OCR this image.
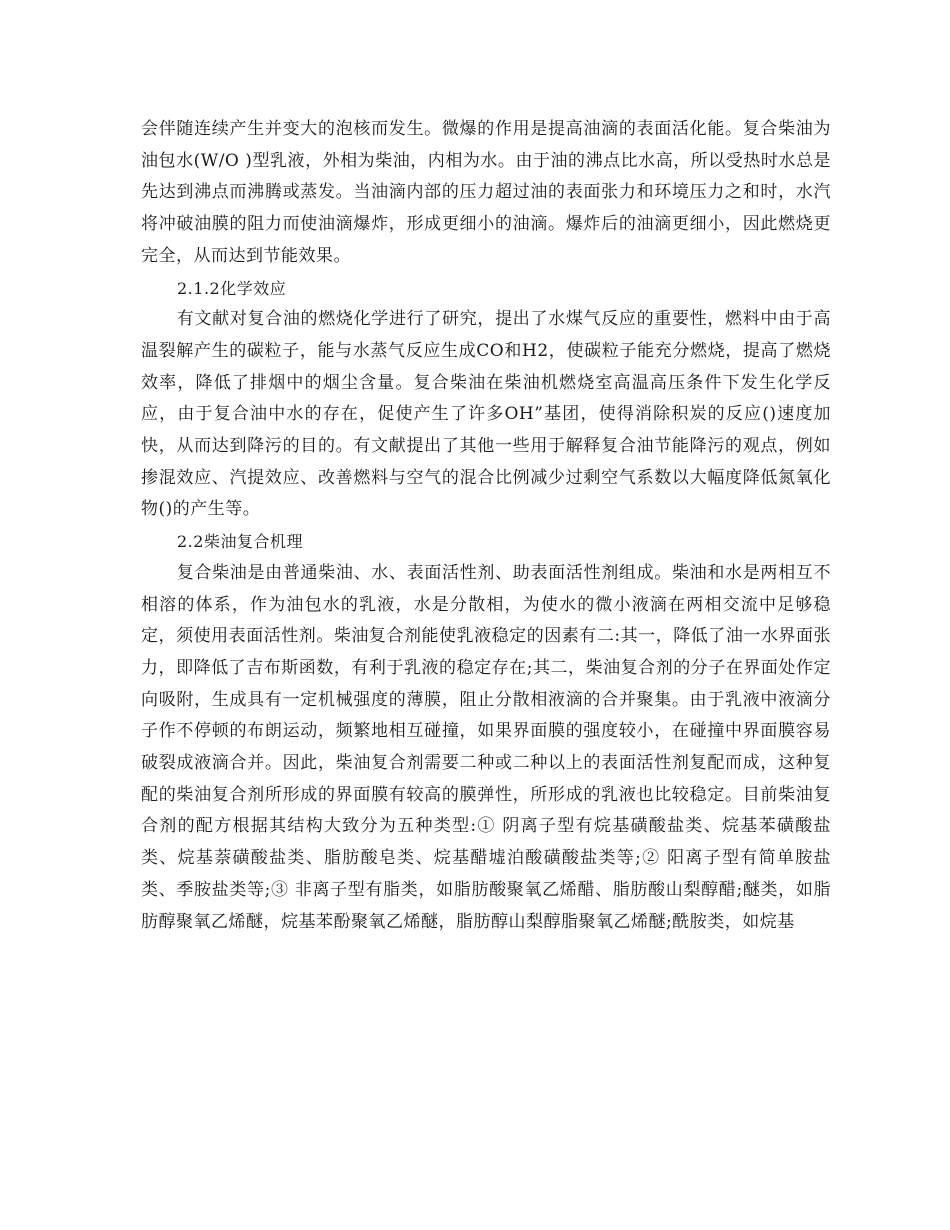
会伴随连续产生并变大的泡核而发生。微爆的作用是提高油滴的表面活化能。复合柴油为油包水(W/O )型乳液，外相为柴油，内相为水。由于油的沸点比水高，所以受热时水总是先达到沸点而沸腾或蒸发。当油滴内部的压力超过油的表面张力和环境压力之和时，水汽将冲破油膜的阻力而使油滴爆炸，形成更细小的油滴。爆炸后的油滴更细小，因此燃烧更完全，从而达到节能效果。

2.1.2化学效应

有文献对复合油的燃烧化学进行了研究，提出了水煤气反应的重要性，燃料中由于高温裂解产生的碳粒子，能与水蒸气反应生成CO和H2，使碳粒子能充分燃烧，提高了燃烧效率，降低了排烟中的烟尘含量。复合柴油在柴油机燃烧室高温高压条件下发生化学反应，由于复合油中水的存在，促使产生了许多OH”基团，使得消除积炭的反应()速度加快，从而达到降污的目的。有文献提出了其他一些用于解释复合油节能降污的观点，例如掺混效应、汽提效应、改善燃料与空气的混合比例减少过剩空气系数以大幅度降低氮氧化物()的产生等。

2.2柴油复合机理

复合柴油是由普通柴油、水、表面活性剂、助表面活性剂组成。柴油和水是两相互不相溶的体系，作为油包水的乳液，水是分散相，为使水的微小液滴在两相交流中足够稳定，须使用表面活性剂。柴油复合剂能使乳液稳定的因素有二:其一，降低了油一水界面张力，即降低了吉布斯函数，有利于乳液的稳定存在;其二，柴油复合剂的分子在界面处作定向吸附，生成具有一定机械强度的薄膜，阻止分散相液滴的合并聚集。由于乳液中液滴分子作不停顿的布朗运动，频繁地相互碰撞，如果界面膜的强度较小，在碰撞中界面膜容易破裂成液滴合并。因此，柴油复合剂需要二种或二种以上的表面活性剂复配而成，这种复配的柴油复合剂所形成的界面膜有较高的膜弹性，所形成的乳液也比较稳定。目前柴油复合剂的配方根据其结构大致分为五种类型:① 阴离子型有烷基磺酸盐类、烷基苯磺酸盐类、烷基萘磺酸盐类、脂肪酸皂类、烷基醋墟泊酸磺酸盐类等;② 阳离子型有简单胺盐类、季胺盐类等;③ 非离子型有脂类，如脂肪酸聚氧乙烯醋、脂肪酸山梨醇醋;醚类，如脂肪醇聚氧乙烯醚，烷基苯酚聚氧乙烯醚，脂肪醇山梨醇脂聚氧乙烯醚;酰胺类，如烷基
